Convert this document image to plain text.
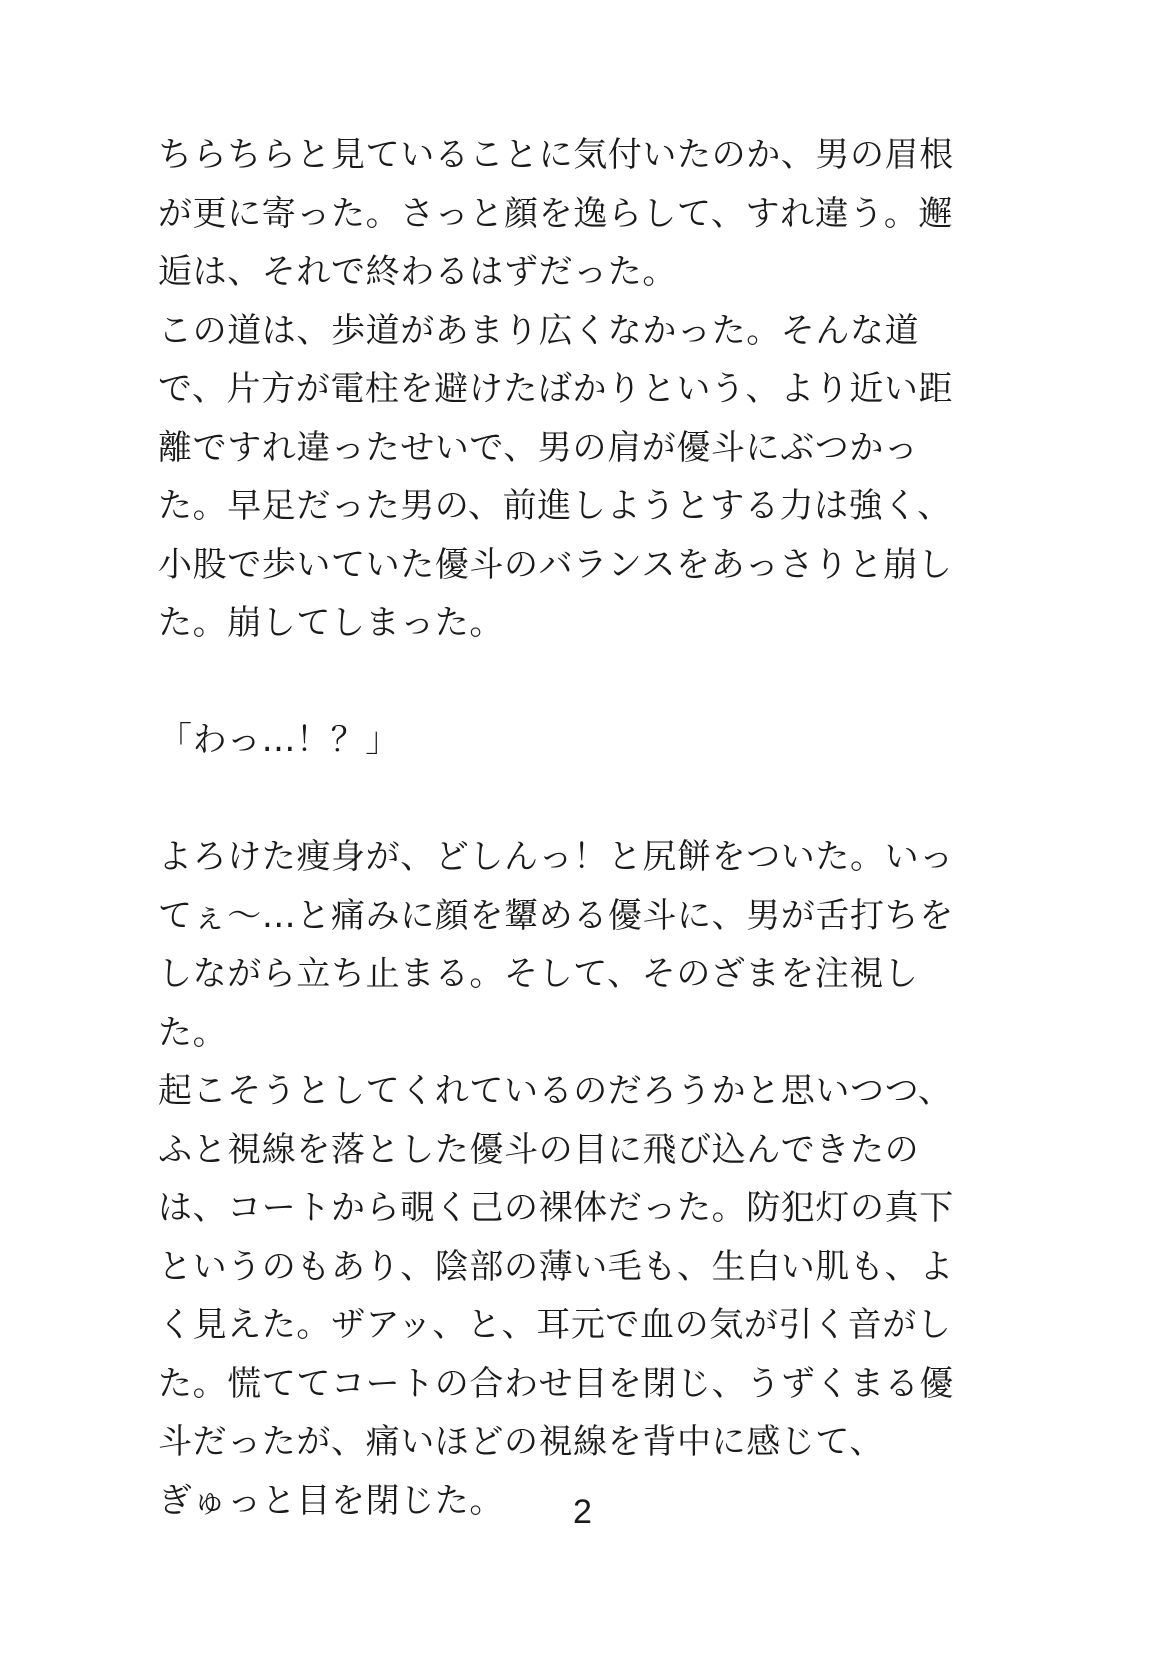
ちらちらと見ていることに気付いたのか、男の眉根
が更に寄った。さっと顔を逸らして、すれ違う。邂
逅は、それで終わるはずだった。
この道は、歩道があまり広くなかった。そんな道
で、片方が電柱を避けたばかりという、より近い距
離ですれ違ったせいで、男の肩が優斗にぶつかっ
た。早足だった男の、前進しようとする力は強く、
小股で歩いていた優斗のバランスをあっさりと崩し
た。崩してしまった。
「わっ…！？」
よろけた痩身が、どしんっ！と尻餅をついた。いっ
てぇ〜…と痛みに顔を顰める優斗に、男が舌打ちを
しながら立ち止まる。そして、そのざまを注視し
た。
起こそうとしてくれているのだろうかと思いつつ、
ふと視線を落とした優斗の目に飛び込んできたの
は、コートから覗く己の裸体だった。防犯灯の真下
というのもあり、陰部の薄い毛も、生白い肌も、よ
く見えた。ザアッ、と、耳元で血の気が引く音がし
た。慌ててコートの合わせ目を閉じ、うずくまる優
斗だったが、痛いほどの視線を背中に感じて、
ぎゅっと目を閉じた。	2
